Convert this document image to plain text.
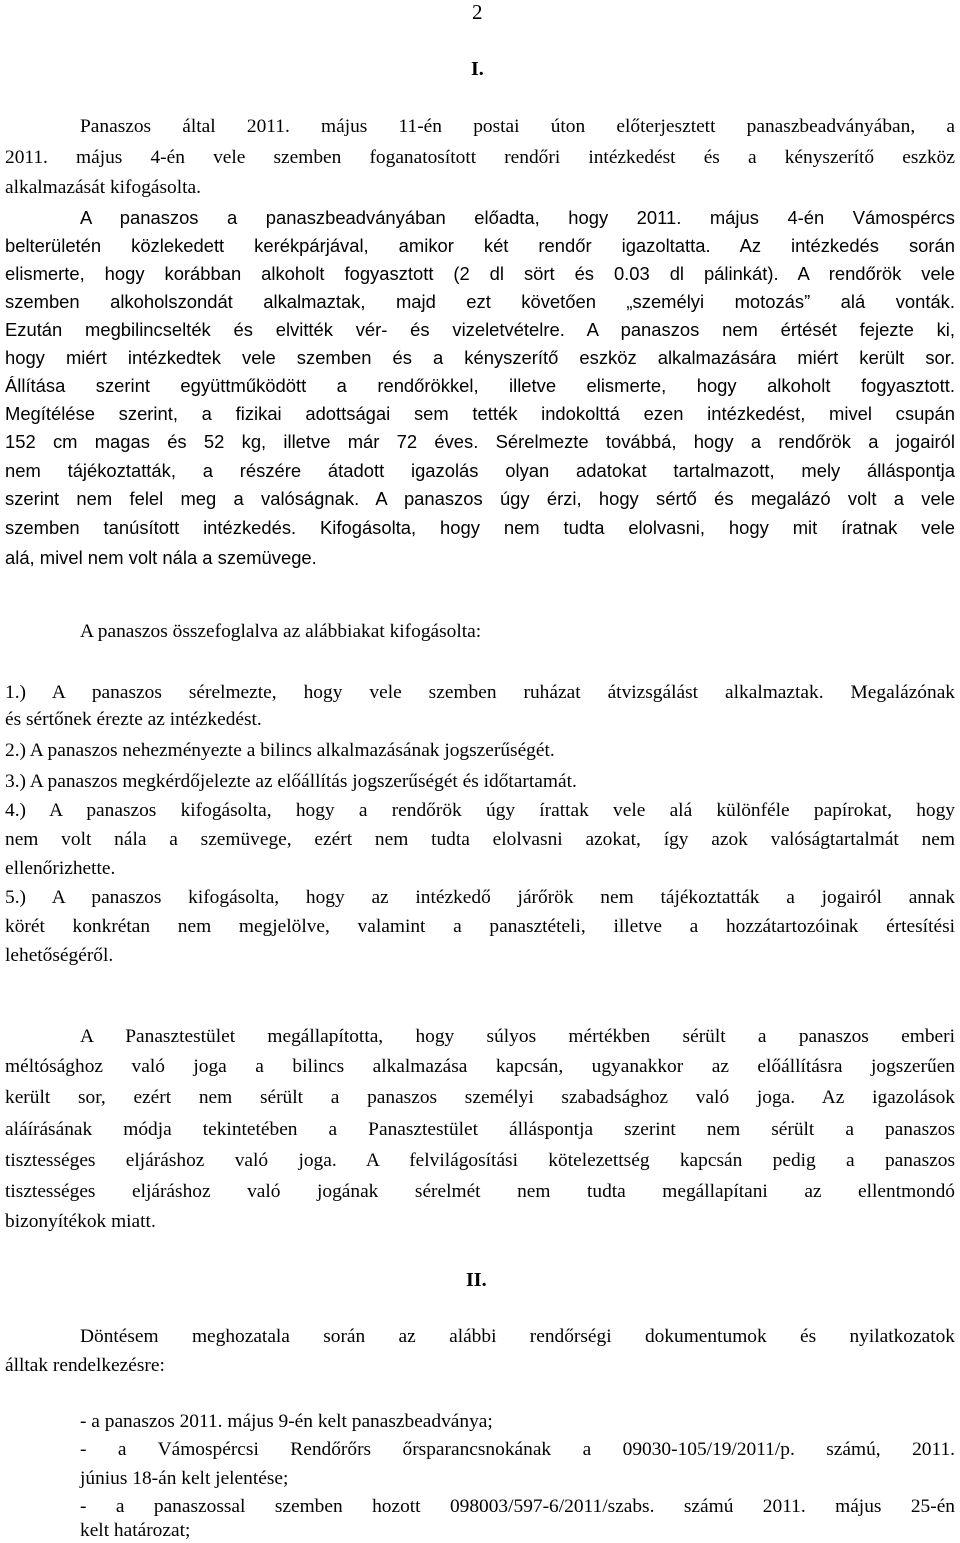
2
I.
Panaszos által 2011. május 11-én postai úton előterjesztett panaszbeadványában, a
2011. május 4-én vele szemben foganatosított rendőri intézkedést és a kényszerítő eszköz
alkalmazását kifogásolta.
A panaszos a panaszbeadványában előadta, hogy 2011. május 4-én Vámospércs
belterületén közlekedett kerékpárjával, amikor két rendőr igazoltatta. Az intézkedés során
elismerte, hogy korábban alkoholt fogyasztott (2 dl sört és 0.03 dl pálinkát). A rendőrök vele
szemben alkoholszondát alkalmaztak, majd ezt követően „személyi motozás” alá vonták.
Ezután megbilincselték és elvitték vér- és vizeletvételre. A panaszos nem értését fejezte ki,
hogy miért intézkedtek vele szemben és a kényszerítő eszköz alkalmazására miért került sor.
Állítása szerint együttműködött a rendőrökkel, illetve elismerte, hogy alkoholt fogyasztott.
Megítélése szerint, a fizikai adottságai sem tették indokolttá ezen intézkedést, mivel csupán
152 cm magas és 52 kg, illetve már 72 éves. Sérelmezte továbbá, hogy a rendőrök a jogairól
nem tájékoztatták, a részére átadott igazolás olyan adatokat tartalmazott, mely álláspontja
szerint nem felel meg a valóságnak. A panaszos úgy érzi, hogy sértő és megalázó volt a vele
szemben tanúsított intézkedés. Kifogásolta, hogy nem tudta elolvasni, hogy mit íratnak vele
alá, mivel nem volt nála a szemüvege.
A panaszos összefoglalva az alábbiakat kifogásolta:
1.) A panaszos sérelmezte, hogy vele szemben ruházat átvizsgálást alkalmaztak. Megalázónak
és sértőnek érezte az intézkedést.
2.) A panaszos nehezményezte a bilincs alkalmazásának jogszerűségét.
3.) A panaszos megkérdőjelezte az előállítás jogszerűségét és időtartamát.
4.) A panaszos kifogásolta, hogy a rendőrök úgy írattak vele alá különféle papírokat, hogy
nem volt nála a szemüvege, ezért nem tudta elolvasni azokat, így azok valóságtartalmát nem
ellenőrizhette.
5.) A panaszos kifogásolta, hogy az intézkedő járőrök nem tájékoztatták a jogairól annak
körét konkrétan nem megjelölve, valamint a panasztételi, illetve a hozzátartozóinak értesítési
lehetőségéről.
A Panasztestület megállapította, hogy súlyos mértékben sérült a panaszos emberi
méltósághoz való joga a bilincs alkalmazása kapcsán, ugyanakkor az előállításra jogszerűen
került sor, ezért nem sérült a panaszos személyi szabadsághoz való joga. Az igazolások
aláírásának módja tekintetében a Panasztestület álláspontja szerint nem sérült a panaszos
tisztességes eljáráshoz való joga. A felvilágosítási kötelezettség kapcsán pedig a panaszos
tisztességes eljáráshoz való jogának sérelmét nem tudta megállapítani az ellentmondó
bizonyítékok miatt.
II.
Döntésem meghozatala során az alábbi rendőrségi dokumentumok és nyilatkozatok
álltak rendelkezésre:
- a panaszos 2011. május 9-én kelt panaszbeadványa;
- a Vámospércsi Rendőrőrs őrsparancsnokának a 09030-105/19/2011/p. számú, 2011.
június 18-án kelt jelentése;
- a panaszossal szemben hozott 098003/597-6/2011/szabs. számú 2011. május 25-én
kelt határozat;
